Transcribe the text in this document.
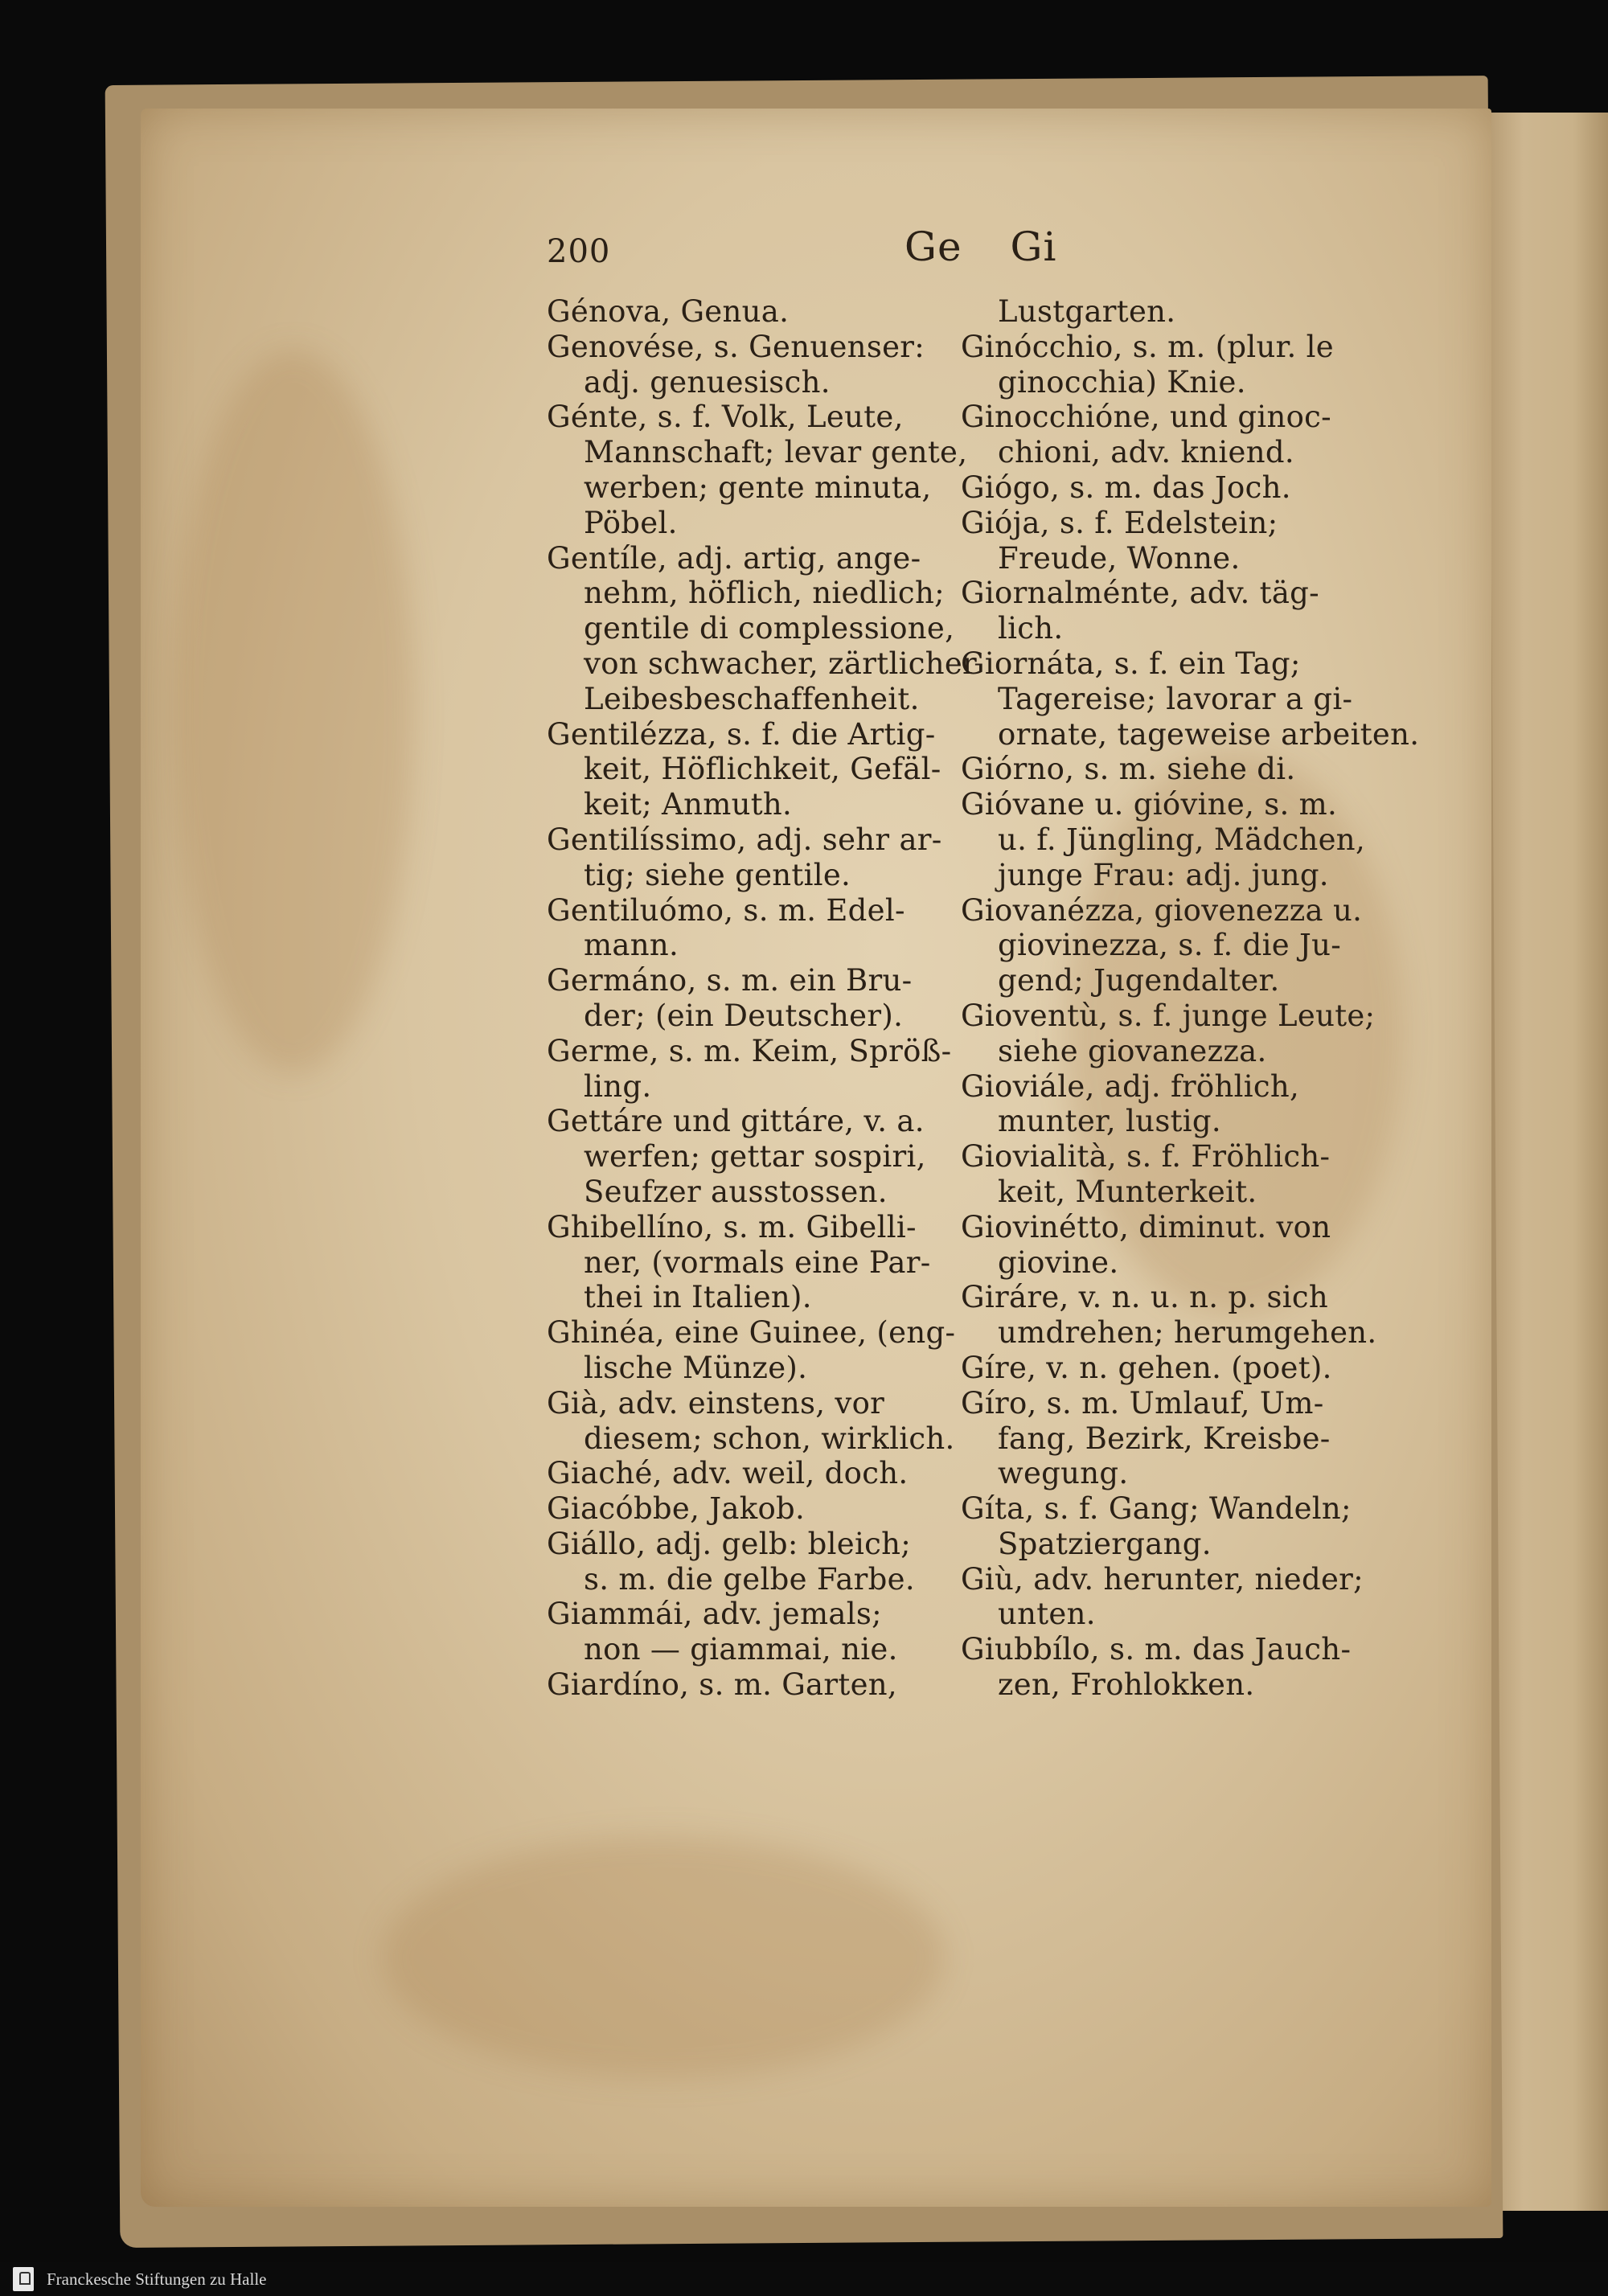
200	Ge Gi
Génova, Genua.
Genovése, s. Genuenser:
adj. genuesisch.
Génte, s. f. Volk, Leute,
Mannschaft; levar gente,
werben; gente minuta,
Pöbel.
Gentíle, adj. artig, ange-
nehm, höflich, niedlich;
gentile di complessione,
von schwacher, zärtlicher
Leibesbeschaffenheit.
Gentilézza, s. f. die Artig-
keit, Höflichkeit, Gefäl-
keit; Anmuth.
Gentilíssimo, adj. sehr ar-
tig; siehe gentile.
Gentiluómo, s. m. Edel-
mann.
Germáno, s. m. ein Bru-
der; (ein Deutscher).
Germe, s. m. Keim, Spröß-
ling.
Gettáre und gittáre, v. a.
werfen; gettar sospiri,
Seufzer ausstossen.
Ghibellíno, s. m. Gibelli-
ner, (vormals eine Par-
thei in Italien).
Ghinéa, eine Guinee, (eng-
lische Münze).
Già, adv. einstens, vor
diesem; schon, wirklich.
Giaché, adv. weil, doch.
Giacóbbe, Jakob.
Giállo, adj. gelb: bleich;
s. m. die gelbe Farbe.
Giammái, adv. jemals;
non — giammai, nie.
Giardíno, s. m. Garten,
Lustgarten.
Ginócchio, s. m. (plur. le
ginocchia) Knie.
Ginocchióne, und ginoc-
chioni, adv. kniend.
Giógo, s. m. das Joch.
Giója, s. f. Edelstein;
Freude, Wonne.
Giornalménte, adv. täg-
lich.
Giornáta, s. f. ein Tag;
Tagereise; lavorar a gi-
ornate, tageweise arbeiten.
Giórno, s. m. siehe di.
Gióvane u. gióvine, s. m.
u. f. Jüngling, Mädchen,
junge Frau: adj. jung.
Giovanézza, giovenezza u.
giovinezza, s. f. die Ju-
gend; Jugendalter.
Gioventù, s. f. junge Leute;
siehe giovanezza.
Gioviále, adj. fröhlich,
munter, lustig.
Giovialità, s. f. Fröhlich-
keit, Munterkeit.
Giovinétto, diminut. von
giovine.
Giráre, v. n. u. n. p. sich
umdrehen; herumgehen.
Gíre, v. n. gehen. (poet).
Gíro, s. m. Umlauf, Um-
fang, Bezirk, Kreisbe-
wegung.
Gíta, s. f. Gang; Wandeln;
Spatziergang.
Giù, adv. herunter, nieder;
unten.
Giubbílo, s. m. das Jauch-
zen, Frohlokken.
Franckesche Stiftungen zu Halle
